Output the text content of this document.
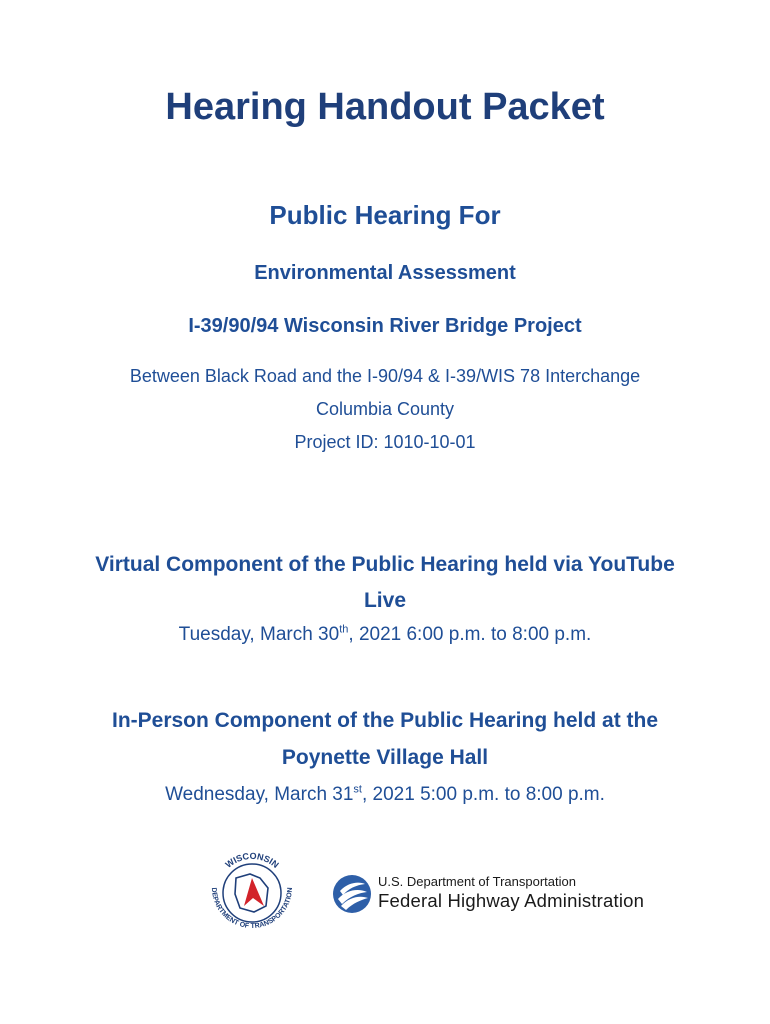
Hearing Handout Packet
Public Hearing For
Environmental Assessment
I-39/90/94 Wisconsin River Bridge Project
Between Black Road and the I-90/94 & I-39/WIS 78 Interchange
Columbia County
Project ID: 1010-10-01
Virtual Component of the Public Hearing held via YouTube
Live
Tuesday, March 30th, 2021 6:00 p.m. to 8:00 p.m.
In-Person Component of the Public Hearing held at the
Poynette Village Hall
Wednesday, March 31st, 2021 5:00 p.m. to 8:00 p.m.
WISCONSIN
DEPARTMENT OF TRANSPORTATION
U.S. Department of Transportation
Federal Highway Administration
